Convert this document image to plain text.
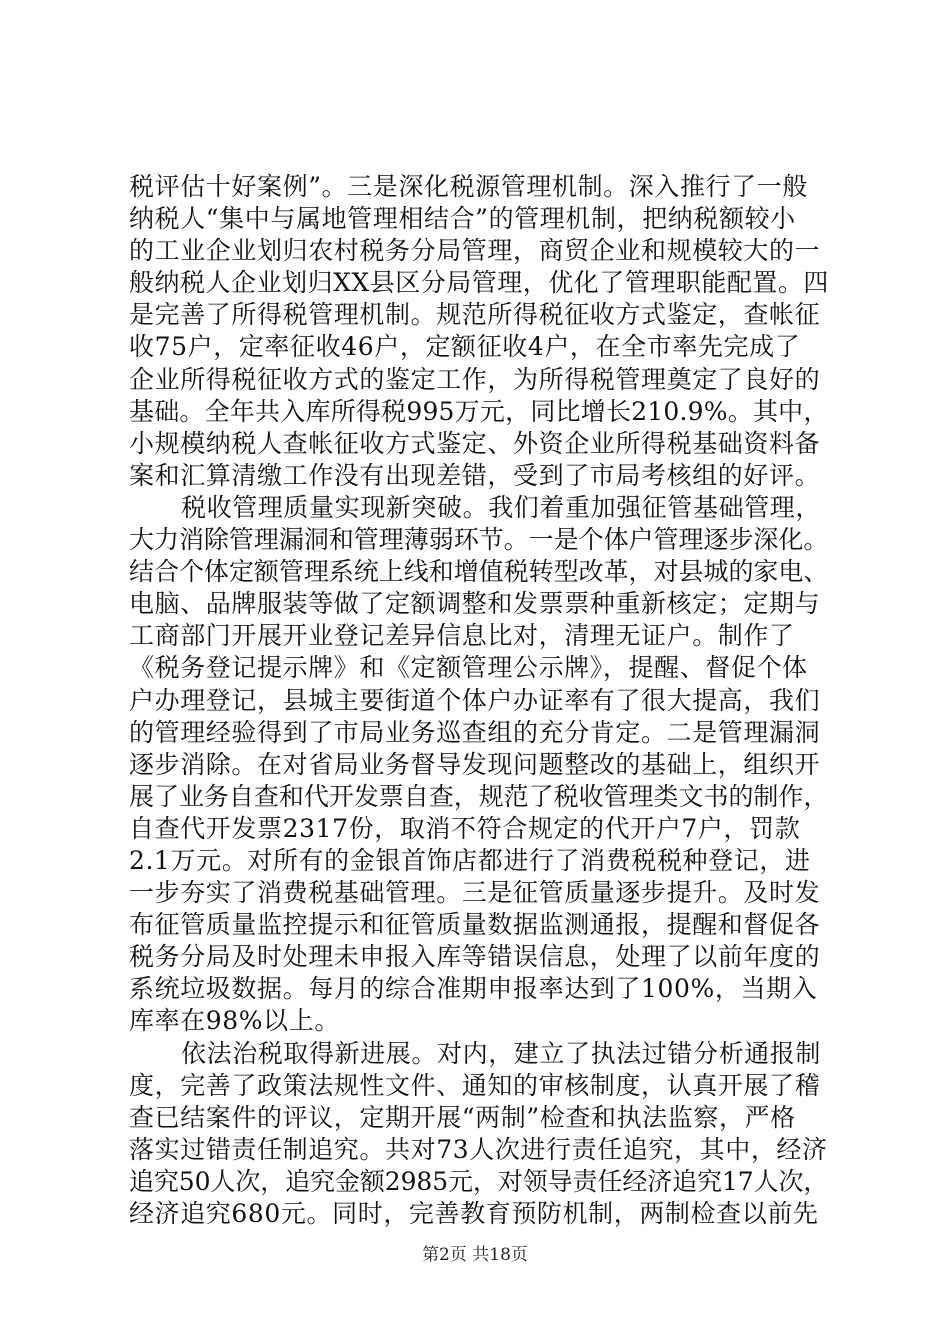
税评估十好案例”。三是深化税源管理机制。深入推行了一般
纳税人“集中与属地管理相结合”的管理机制，把纳税额较小
的工业企业划归农村税务分局管理，商贸企业和规模较大的一
般纳税人企业划归XX县区分局管理，优化了管理职能配置。四
是完善了所得税管理机制。规范所得税征收方式鉴定，查帐征
收75户，定率征收46户，定额征收4户，在全市率先完成了
企业所得税征收方式的鉴定工作，为所得税管理奠定了良好的
基础。全年共入库所得税995万元，同比增长210.9%。其中，
小规模纳税人查帐征收方式鉴定、外资企业所得税基础资料备
案和汇算清缴工作没有出现差错，受到了市局考核组的好评。

税收管理质量实现新突破。我们着重加强征管基础管理，
大力消除管理漏洞和管理薄弱环节。一是个体户管理逐步深化。
结合个体定额管理系统上线和增值税转型改革，对县城的家电、
电脑、品牌服装等做了定额调整和发票票种重新核定；定期与
工商部门开展开业登记差异信息比对，清理无证户。制作了
《税务登记提示牌》和《定额管理公示牌》，提醒、督促个体
户办理登记，县城主要街道个体户办证率有了很大提高，我们
的管理经验得到了市局业务巡查组的充分肯定。二是管理漏洞
逐步消除。在对省局业务督导发现问题整改的基础上，组织开
展了业务自查和代开发票自查，规范了税收管理类文书的制作，
自查代开发票2317份，取消不符合规定的代开户7户，罚款
2.1万元。对所有的金银首饰店都进行了消费税税种登记，进
一步夯实了消费税基础管理。三是征管质量逐步提升。及时发
布征管质量监控提示和征管质量数据监测通报，提醒和督促各
税务分局及时处理未申报入库等错误信息，处理了以前年度的
系统垃圾数据。每月的综合准期申报率达到了100%，当期入
库率在98%以上。

依法治税取得新进展。对内，建立了执法过错分析通报制
度，完善了政策法规性文件、通知的审核制度，认真开展了稽
查已结案件的评议，定期开展“两制”检查和执法监察，严格
落实过错责任制追究。共对73人次进行责任追究，其中，经济
追究50人次，追究金额2985元，对领导责任经济追究17人次，
经济追究680元。同时，完善教育预防机制，两制检查以前先

第2页 共18页
